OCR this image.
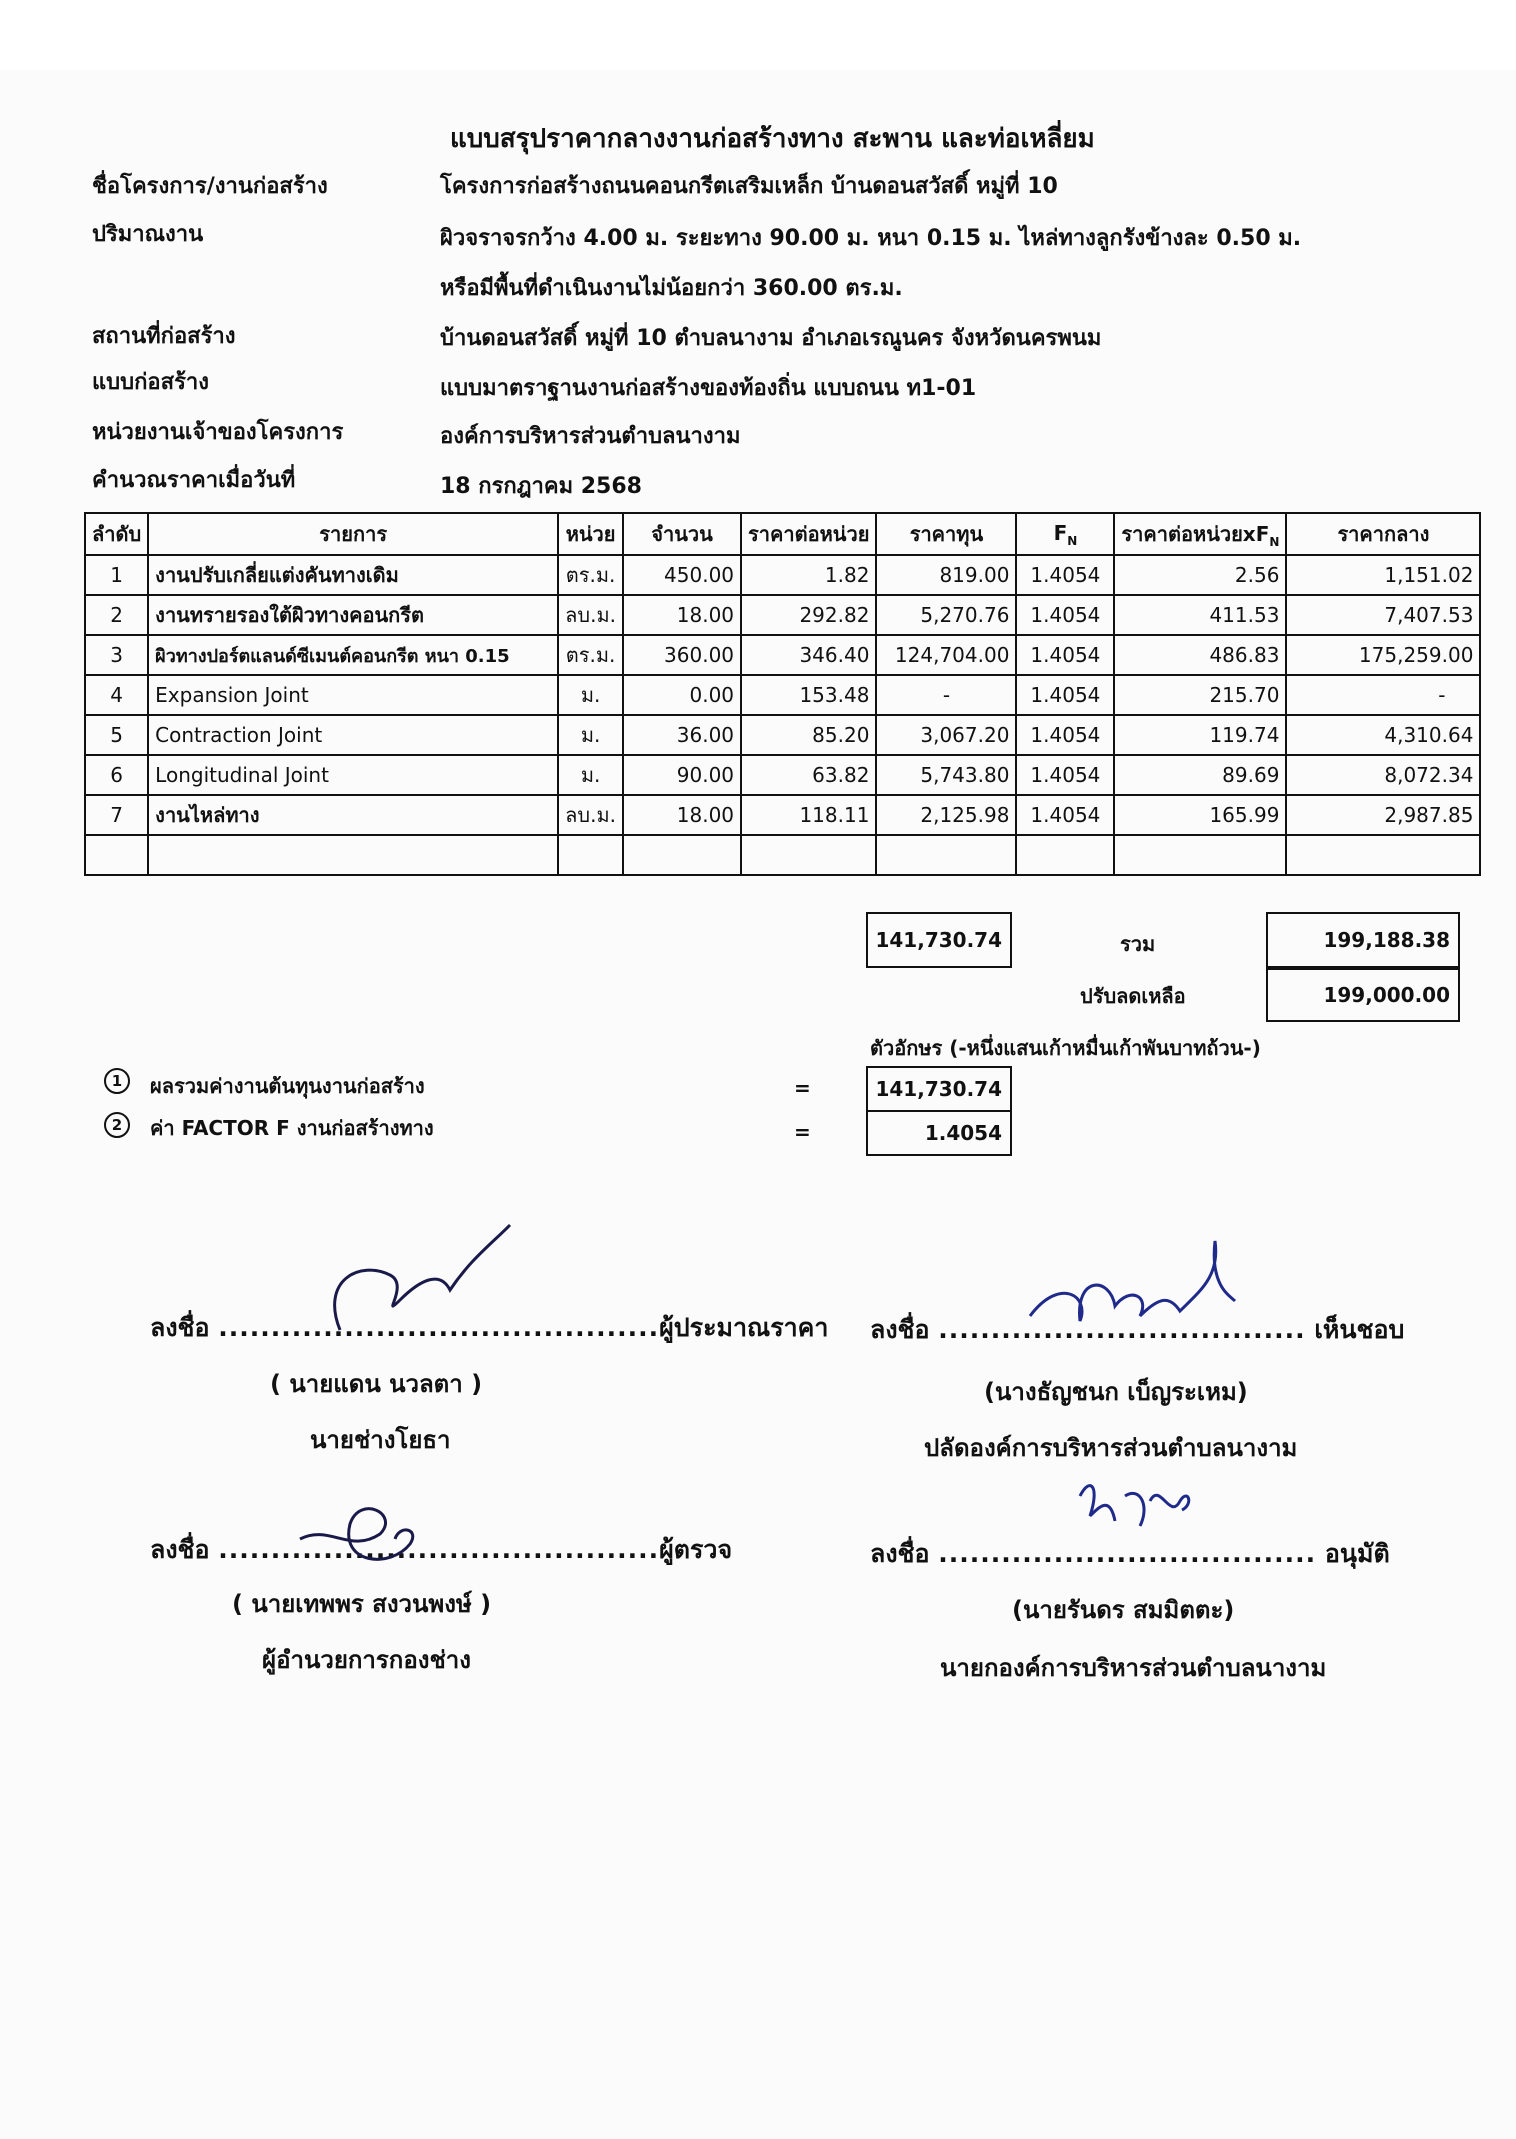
แบบสรุปราคากลางงานก่อสร้างทาง สะพาน และท่อเหลี่ยม
ชื่อโครงการ/งานก่อสร้าง	โครงการก่อสร้างถนนคอนกรีตเสริมเหล็ก บ้านดอนสวัสดิ์ หมู่ที่ 10
ปริมาณงาน	ผิวจราจรกว้าง 4.00 ม. ระยะทาง 90.00 ม. หนา 0.15 ม. ไหล่ทางลูกรังข้างละ 0.50 ม.
หรือมีพื้นที่ดำเนินงานไม่น้อยกว่า 360.00 ตร.ม.
สถานที่ก่อสร้าง	บ้านดอนสวัสดิ์ หมู่ที่ 10 ตำบลนางาม อำเภอเรณูนคร จังหวัดนครพนม
แบบก่อสร้าง	แบบมาตราฐานงานก่อสร้างของท้องถิ่น แบบถนน ท1-01
หน่วยงานเจ้าของโครงการ	องค์การบริหารส่วนตำบลนางาม
คำนวณราคาเมื่อวันที่	18 กรกฎาคม 2568
ลำดับ	รายการ	หน่วย	จำนวน	ราคาต่อหน่วย	ราคาทุน	$F_N$	ราคาต่อหน่วย$xF_N$	ราคากลาง
1	งานปรับเกลี่ยแต่งคันทางเดิม	ตร.ม.	450.00	1.82	819.00	1.4054	2.56	1,151.02
2	งานทรายรองใต้ผิวทางคอนกรีต	ลบ.ม.	18.00	292.82	5,270.76	1.4054	411.53	7,407.53
3	ผิวทางปอร์ตแลนด์ซีเมนต์คอนกรีต หนา 0.15	ตร.ม.	360.00	346.40	124,704.00	1.4054	486.83	175,259.00
4	Expansion Joint	ม.	0.00	153.48	-	1.4054	215.70	-
5	Contraction Joint	ม.	36.00	85.20	3,067.20	1.4054	119.74	4,310.64
6	Longitudinal Joint	ม.	90.00	63.82	5,743.80	1.4054	89.69	8,072.34
7	งานไหล่ทาง	ลบ.ม.	18.00	118.11	2,125.98	1.4054	165.99	2,987.85

141,730.74	รวม	199,188.38
ปรับลดเหลือ	199,000.00
ตัวอักษร (-หนึ่งแสนเก้าหมื่นเก้าพันบาทถ้วน-)
1	ผลรวมค่างานต้นทุนงานก่อสร้าง	=	141,730.74
2	ค่า FACTOR F งานก่อสร้างทาง	=	1.4054
ลงชื่อ ..........................................ผู้ประมาณราคา
( นายแดน นวลตา )
นายช่างโยธา
ลงชื่อ ................................... เห็นชอบ
(นางธัญชนก เบ็ญระเหม)
ปลัดองค์การบริหารส่วนตำบลนางาม
ลงชื่อ ..........................................ผู้ตรวจ
( นายเทพพร สงวนพงษ์ )
ผู้อำนวยการกองช่าง
ลงชื่อ .................................... อนุมัติ
(นายรันดร สมมิตตะ)
นายกองค์การบริหารส่วนตำบลนางาม
